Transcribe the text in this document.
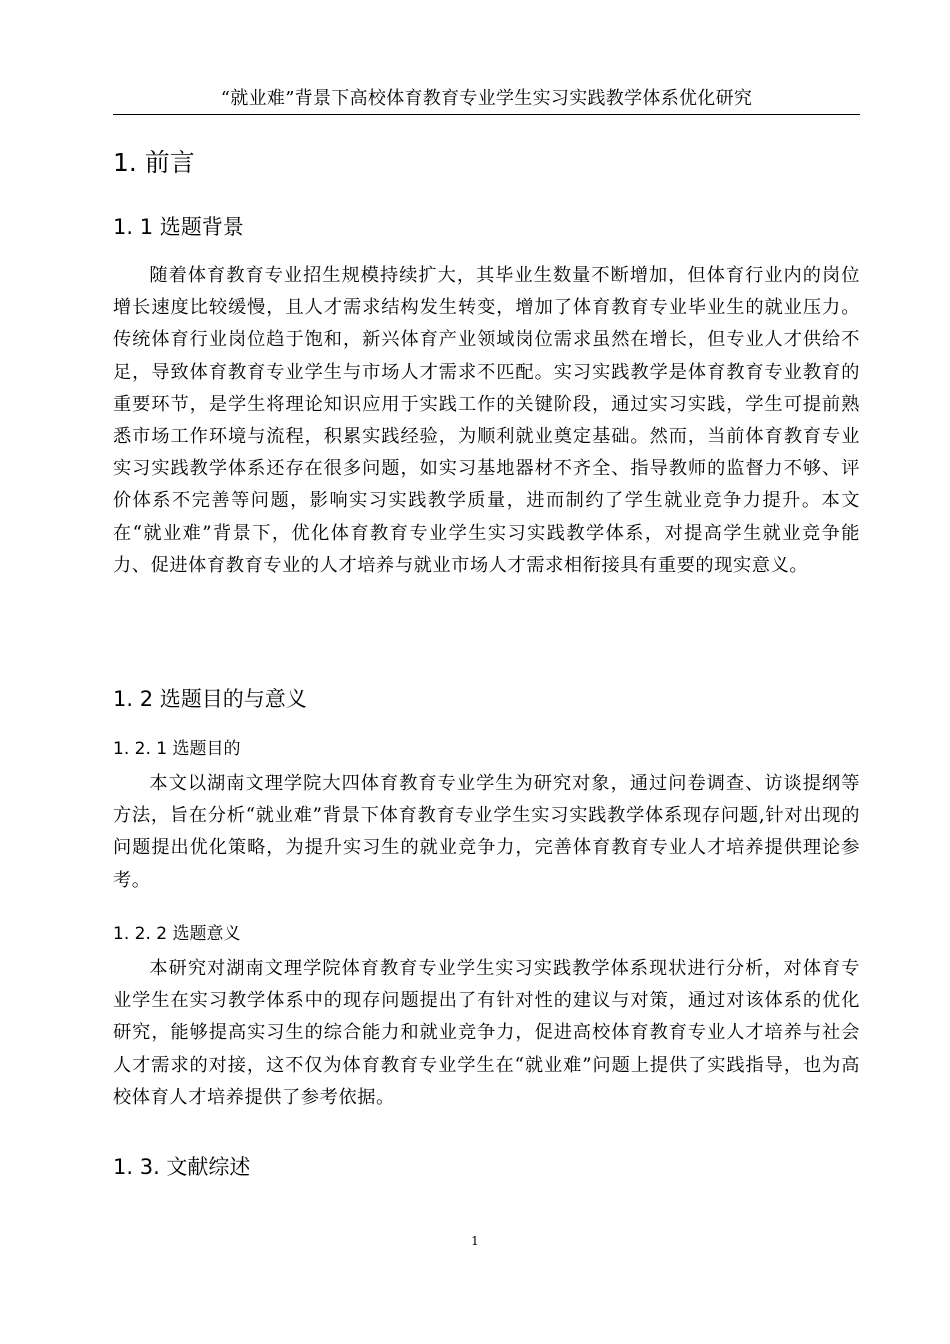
“就业难”背景下高校体育教育专业学生实习实践教学体系优化研究
1. 前言
1. 1 选题背景
随着体育教育专业招生规模持续扩大，其毕业生数量不断增加，但体育行业内的岗位增长速度比较缓慢，且人才需求结构发生转变，增加了体育教育专业毕业生的就业压力。传统体育行业岗位趋于饱和，新兴体育产业领域岗位需求虽然在增长，但专业人才供给不足，导致体育教育专业学生与市场人才需求不匹配。实习实践教学是体育教育专业教育的重要环节，是学生将理论知识应用于实践工作的关键阶段，通过实习实践，学生可提前熟悉市场工作环境与流程，积累实践经验，为顺利就业奠定基础。然而，当前体育教育专业实习实践教学体系还存在很多问题，如实习基地器材不齐全、指导教师的监督力不够、评价体系不完善等问题，影响实习实践教学质量，进而制约了学生就业竞争力提升。本文在“就业难”背景下，优化体育教育专业学生实习实践教学体系，对提高学生就业竞争能力、促进体育教育专业的人才培养与就业市场人才需求相衔接具有重要的现实意义。
1. 2 选题目的与意义
1. 2. 1 选题目的
本文以湖南文理学院大四体育教育专业学生为研究对象，通过问卷调查、访谈提纲等方法，旨在分析“就业难”背景下体育教育专业学生实习实践教学体系现存问题,针对出现的问题提出优化策略，为提升实习生的就业竞争力，完善体育教育专业人才培养提供理论参考。
1. 2. 2 选题意义
本研究对湖南文理学院体育教育专业学生实习实践教学体系现状进行分析，对体育专业学生在实习教学体系中的现存问题提出了有针对性的建议与对策，通过对该体系的优化研究，能够提高实习生的综合能力和就业竞争力，促进高校体育教育专业人才培养与社会人才需求的对接，这不仅为体育教育专业学生在“就业难”问题上提供了实践指导，也为高校体育人才培养提供了参考依据。
1. 3. 文献综述
1
